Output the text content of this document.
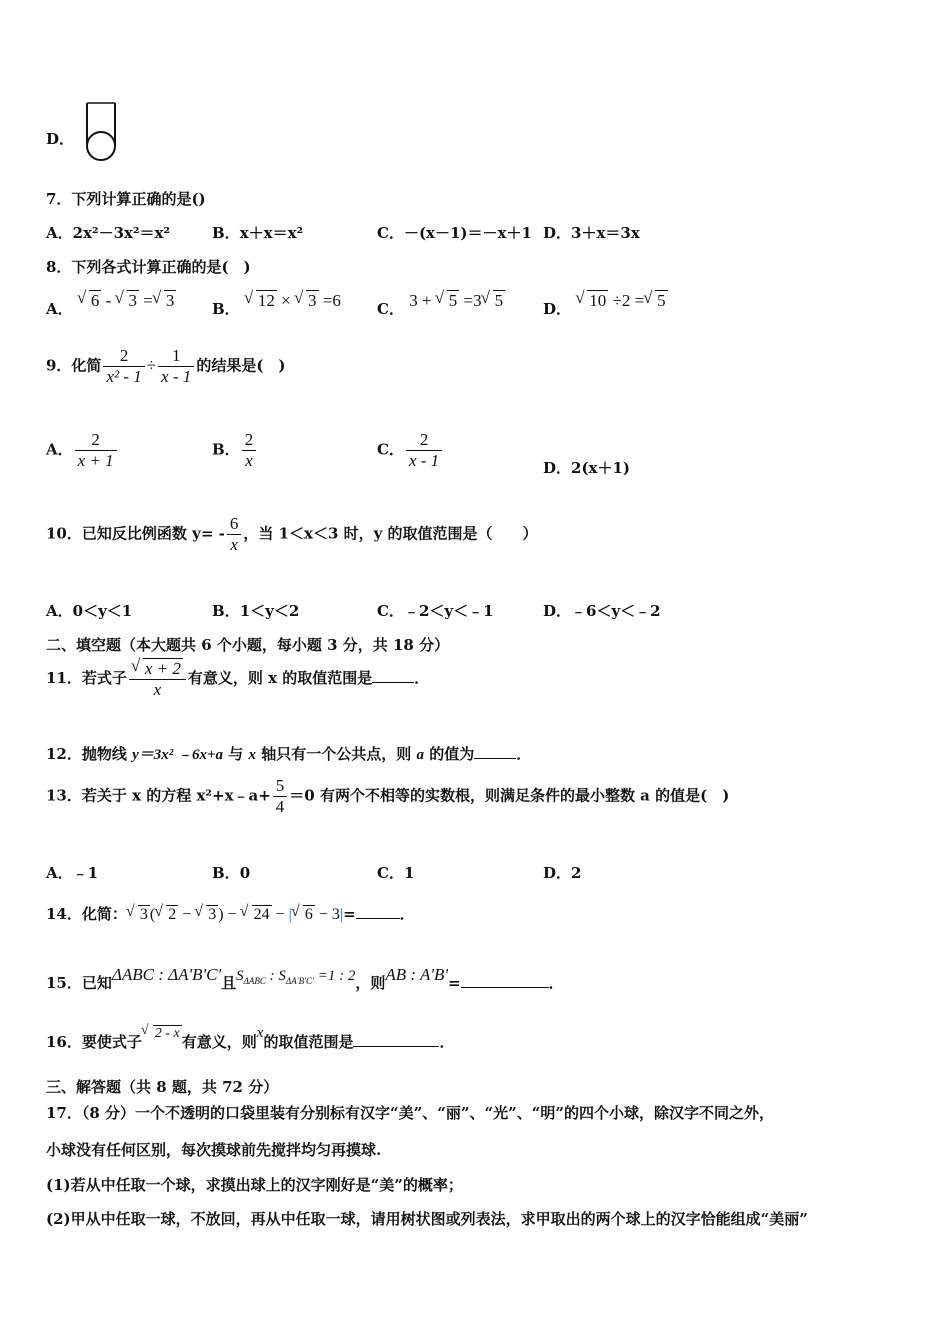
D．
7．下列计算正确的是()
A．2x²－3x²＝x²	B．x＋x＝x²	C．－(x－1)＝－x＋1 D．3＋x＝3x
8．下列各式计算正确的是(　)
A． √ 6 - √ 3 = √ 3	B． √ 12 × √ 3 =6 C． 3 + √ 5 =3 √ 5	D． √ 10 ÷2 = √ 5
9．化简 $\frac{2}{\text{x² - 1}} \div \frac{1}{x - 1}$ 的结果是(　)
A． $\frac{2}{x + 1}$	B． $\frac{2}{x}$	C． $\frac{2}{x - 1}$	D．2(x＋1)
10．已知反比例函数 $y= - \frac{6}{x}$ ，当 1＜x＜3 时，y 的取值范围是（　　）
A．0＜y＜1	B．1＜y＜2	C．﹣2＜y＜﹣1	D．﹣6＜y＜﹣2
二、填空题（本大题共 6 个小题，每小题 3 分，共 18 分）
11．若式子 √ $\frac{x + 2}{x}$ 有意义，则 x 的取值范围是	．
12．抛物线 y＝3x² ﹣6x+a 与 x 轴只有一个公共点，则 a 的值为	．
13．若关于 x 的方程 x²+x﹣a+ $\frac{5}{4} =0$ 有两个不相等的实数根，则满足条件的最小整数 a 的值是(　)
A．﹣1	B．0	C．1	D．2
14．化简： √ 3 ( √ 2 − √ 3 ) − √ 24 − | √ 6 − 3|=	．
15．已知ΔABC : ΔA'B'C'且$S_{\Delta ABC}$ : $S_{\Delta A'B'C'} =1$ : 2，则AB : A'B'=	．
16．要使式子 √ 2 - x 有意义，则x的取值范围是	．
三、解答题（共 8 题，共 72 分）
17．（8 分）一个不透明的口袋里装有分别标有汉字“美”、“丽”、“光”、“明”的四个小球，除汉字不同之外，
小球没有任何区别，每次摸球前先搅拌均匀再摸球.
(1)若从中任取一个球，求摸出球上的汉字刚好是“美”的概率；
(2)甲从中任取一球，不放回，再从中任取一球，请用树状图或列表法，求甲取出的两个球上的汉字恰能组成“美丽”
